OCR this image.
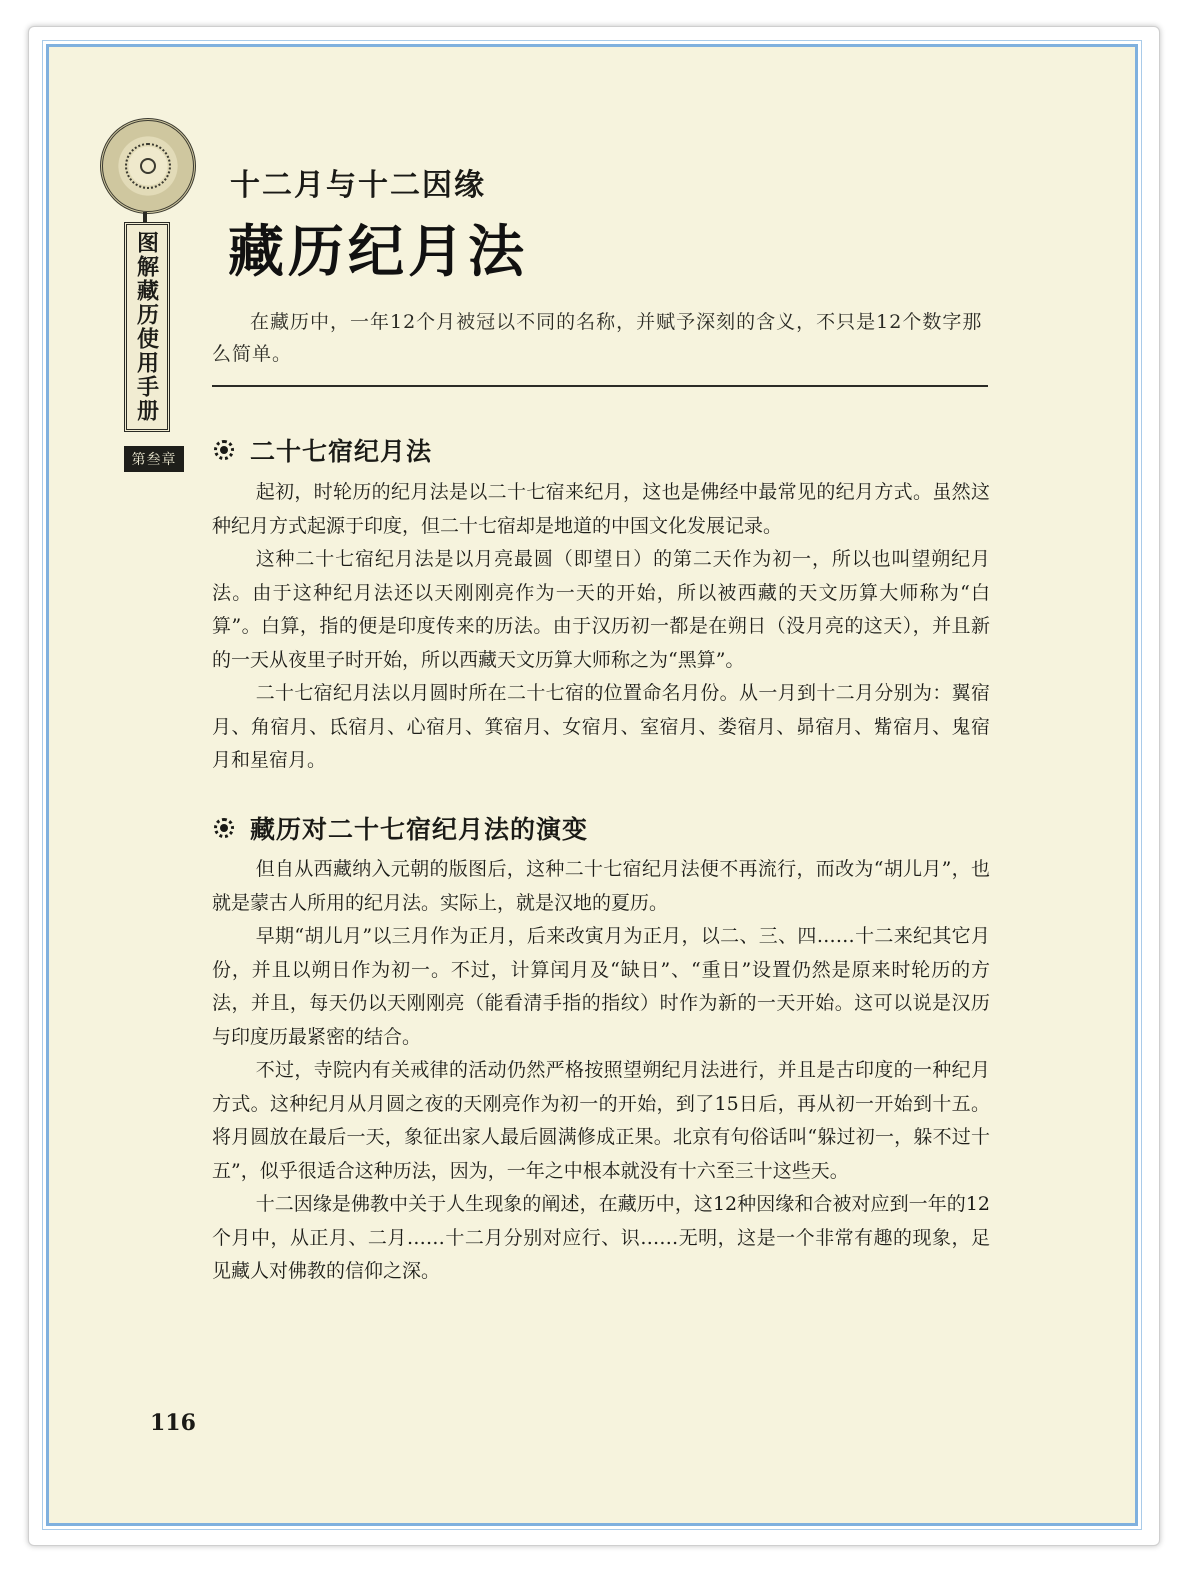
图解藏历使用手册
第叁章
十二月与十二因缘
藏历纪月法
在藏历中，一年12个月被冠以不同的名称，并赋予深刻的含义，不只是12个数字那么简单。
二十七宿纪月法

起初，时轮历的纪月法是以二十七宿来纪月，这也是佛经中最常见的纪月方式。虽然这种纪月方式起源于印度，但二十七宿却是地道的中国文化发展记录。

这种二十七宿纪月法是以月亮最圆（即望日）的第二天作为初一，所以也叫望朔纪月法。由于这种纪月法还以天刚刚亮作为一天的开始，所以被西藏的天文历算大师称为“白算”。白算，指的便是印度传来的历法。由于汉历初一都是在朔日（没月亮的这天），并且新的一天从夜里子时开始，所以西藏天文历算大师称之为“黑算”。

二十七宿纪月法以月圆时所在二十七宿的位置命名月份。从一月到十二月分别为：翼宿月、角宿月、氐宿月、心宿月、箕宿月、女宿月、室宿月、娄宿月、昴宿月、觜宿月、鬼宿月和星宿月。

藏历对二十七宿纪月法的演变

但自从西藏纳入元朝的版图后，这种二十七宿纪月法便不再流行，而改为“胡儿月”，也就是蒙古人所用的纪月法。实际上，就是汉地的夏历。

早期“胡儿月”以三月作为正月，后来改寅月为正月，以二、三、四……十二来纪其它月份，并且以朔日作为初一。不过，计算闰月及“缺日”、“重日”设置仍然是原来时轮历的方法，并且，每天仍以天刚刚亮（能看清手指的指纹）时作为新的一天开始。这可以说是汉历与印度历最紧密的结合。

不过，寺院内有关戒律的活动仍然严格按照望朔纪月法进行，并且是古印度的一种纪月方式。这种纪月从月圆之夜的天刚亮作为初一的开始，到了15日后，再从初一开始到十五。将月圆放在最后一天，象征出家人最后圆满修成正果。北京有句俗话叫“躲过初一，躲不过十五”，似乎很适合这种历法，因为，一年之中根本就没有十六至三十这些天。

十二因缘是佛教中关于人生现象的阐述，在藏历中，这12种因缘和合被对应到一年的12个月中，从正月、二月……十二月分别对应行、识……无明，这是一个非常有趣的现象，足见藏人对佛教的信仰之深。

116
